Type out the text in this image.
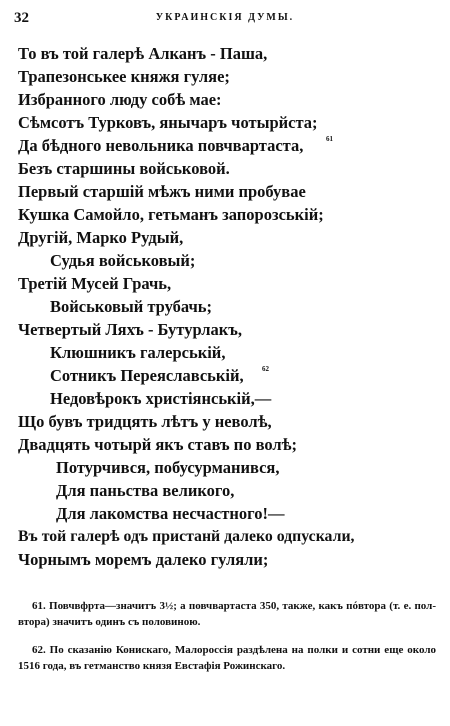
32	УКРАИНСКІЯ ДУМЫ.
То въ той галерѣ Алканъ - Паша,
Трапезонськее княжя гуляе;
Избранного люду собѣ мае:
Сѣмсотъ Турковъ, янычаръ чотырйста;
Да бѣдного невольника повчвартаста,	61
Безъ старшины войськовой.
Первый старшій мѣжъ ними пробувае
Кушка Самойло, гетьманъ запорозській;
Другій, Марко Рудый,
Судья войськовый;
Третій Мусей Грачь,
Войськовый трубачь;
Четвертый Ляхъ - Бутурлакъ,
Клюшникъ галерській,
Сотникъ Переяславській,	62
Недовѣрокъ христіянській,—
Що бувъ тридцять лѣтъ у неволѣ,
Двадцять чотырй якъ ставъ по волѣ;
Потурчився, побусурманився,
Для паньства великого,
Для лакомства несчастного!—
Въ той галерѣ одъ пристанй далеко одпускали,
Чорнымъ моремъ далеко гуляли;
61. Повчвфрта—значитъ 3½; а повчвартаста 350, также, какъ пóвтора (т. е. пол-втора) значитъ одинъ съ половиною.
62. По сказанію Конискаго, Малороссія раздѣлена на полки и сотни еще около 1516 года, въ гетманство князя Евстафія Рожинскаго.
